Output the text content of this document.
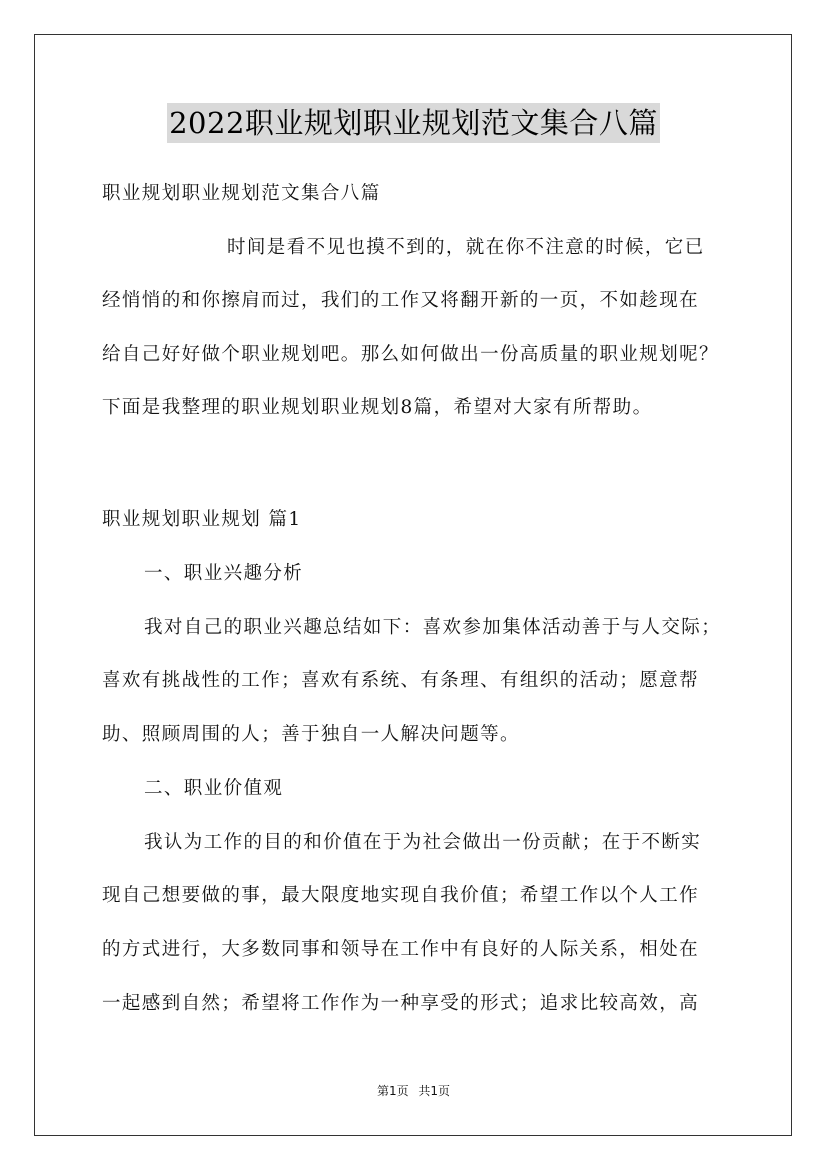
2022职业规划职业规划范文集合八篇

职业规划职业规划范文集合八篇

时间是看不见也摸不到的，就在你不注意的时候，它已

经悄悄的和你擦肩而过，我们的工作又将翻开新的一页，不如趁现在

给自己好好做个职业规划吧。那么如何做出一份高质量的职业规划呢？

下面是我整理的职业规划职业规划8篇，希望对大家有所帮助。

职业规划职业规划 篇1

一、职业兴趣分析

我对自己的职业兴趣总结如下：喜欢参加集体活动善于与人交际；

喜欢有挑战性的工作；喜欢有系统、有条理、有组织的活动；愿意帮

助、照顾周围的人；善于独自一人解决问题等。

二、职业价值观

我认为工作的目的和价值在于为社会做出一份贡献；在于不断实

现自己想要做的事，最大限度地实现自我价值；希望工作以个人工作

的方式进行，大多数同事和领导在工作中有良好的人际关系，相处在

一起感到自然；希望将工作作为一种享受的形式；追求比较高效，高

第1页 共1页
